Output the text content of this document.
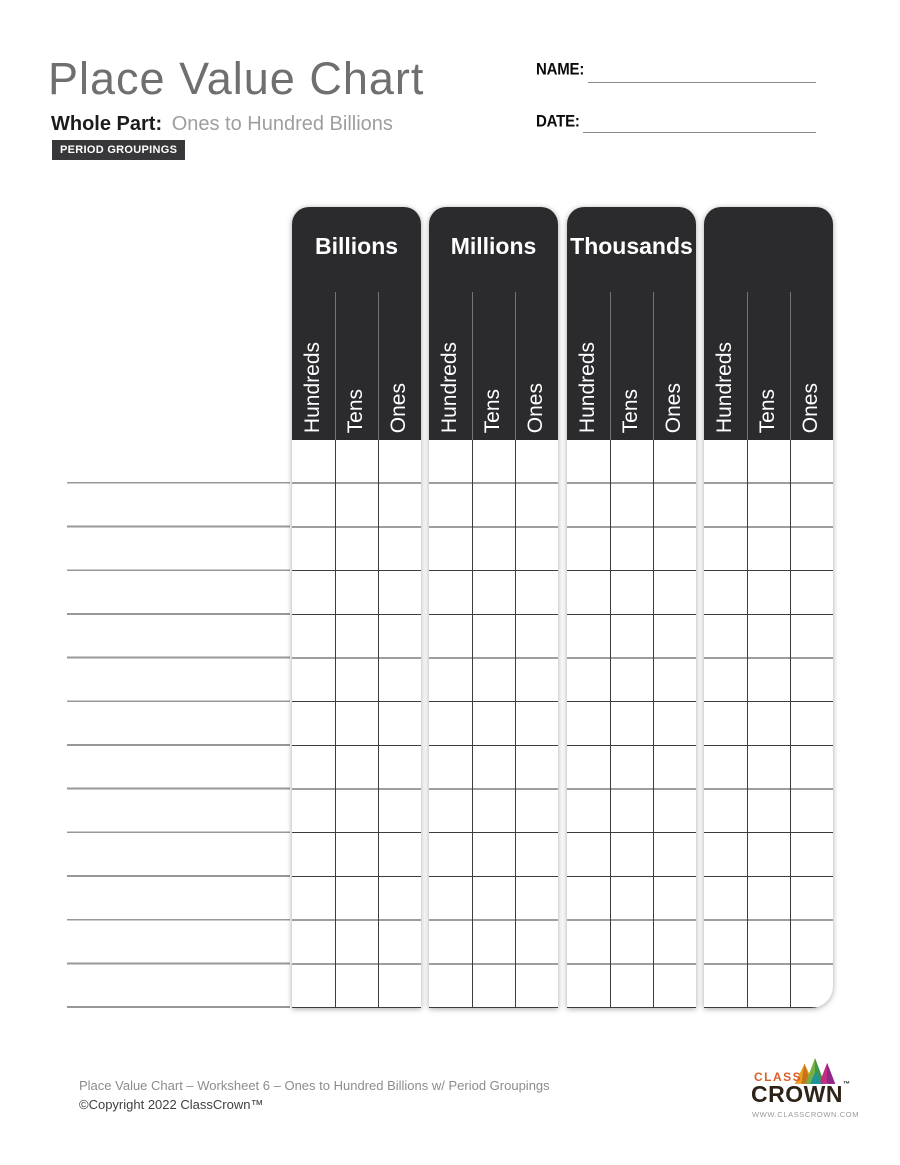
Place Value Chart
Whole Part: Ones to Hundred Billions
PERIOD GROUPINGS
NAME:
DATE:
Billions
Hundreds Tens Ones
Millions
Hundreds Tens Ones
Thousands
Hundreds Tens Ones Hundreds Tens Ones
Place Value Chart – Worksheet 6 – Ones to Hundred Billions w/ Period Groupings
©Copyright 2022 ClassCrown™
CLASS
CROWN™
WWW.CLASSCROWN.COM
